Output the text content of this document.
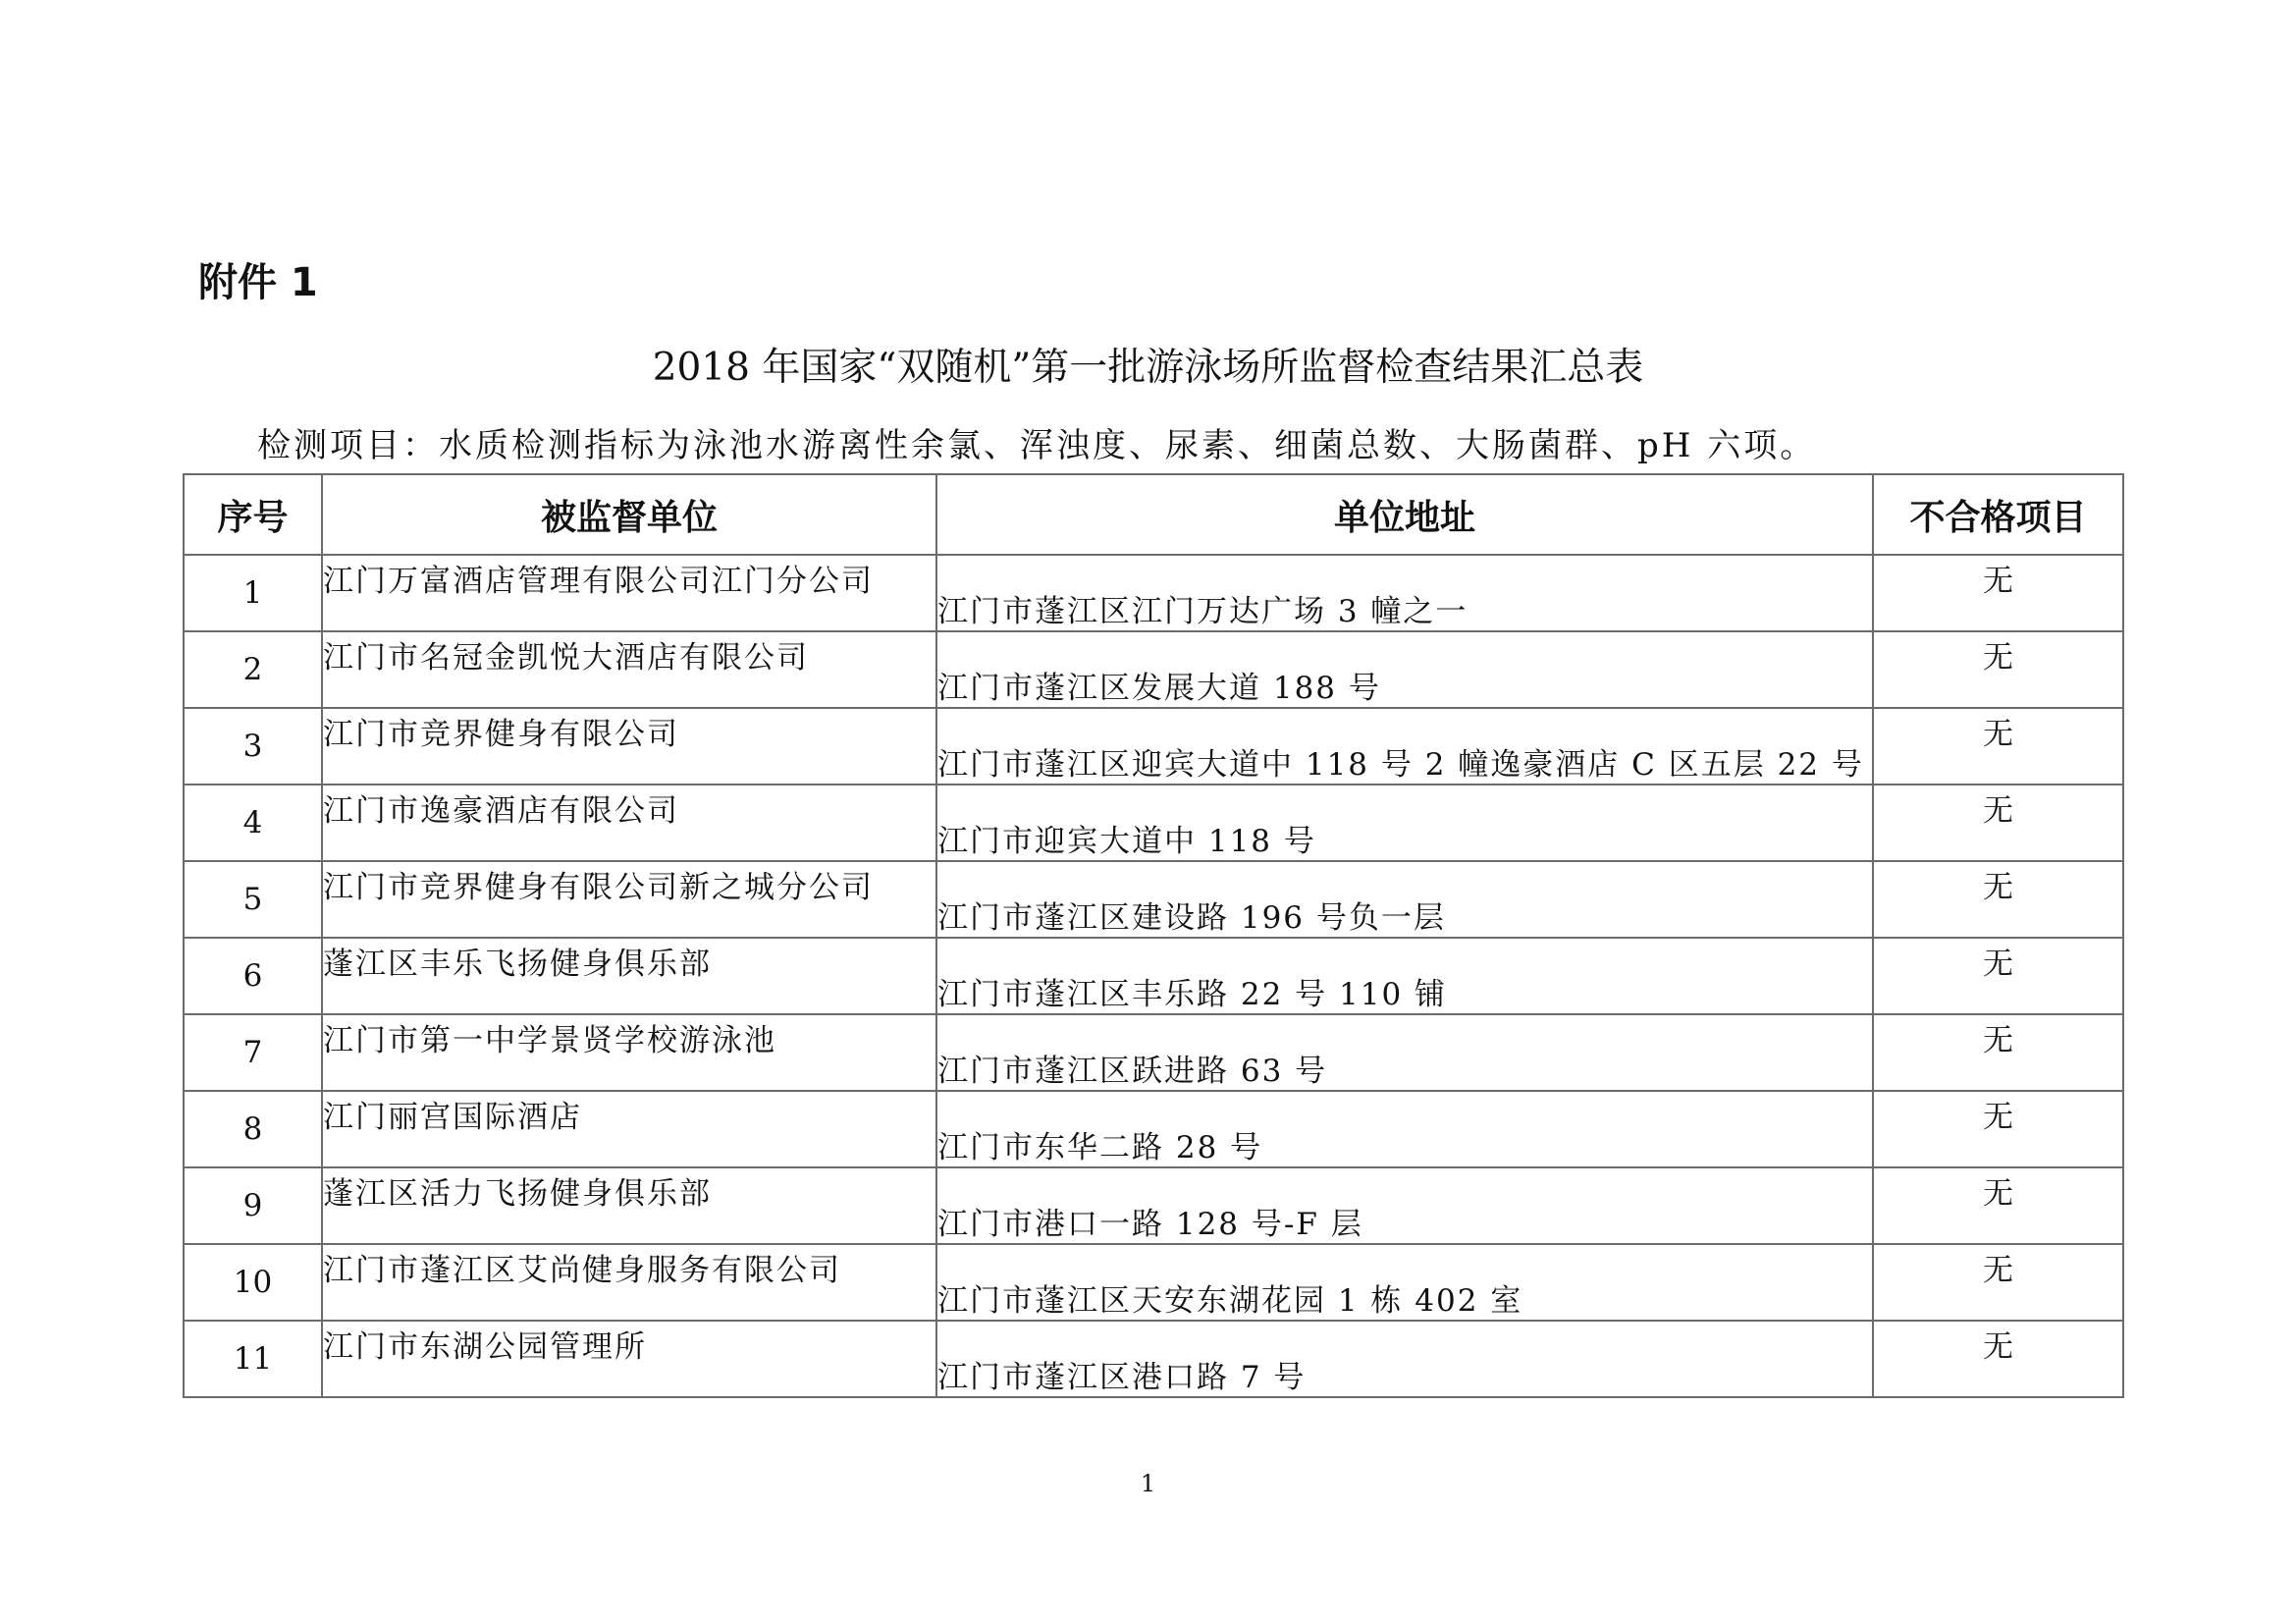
附件 1

2018 年国家“双随机”第一批游泳场所监督检查结果汇总表

检测项目：水质检测指标为泳池水游离性余氯、浑浊度、尿素、细菌总数、大肠菌群、pH 六项。

序号	被监督单位	单位地址	不合格项目
1	江门万富酒店管理有限公司江门分公司	江门市蓬江区江门万达广场 3 幢之一	无
2	江门市名冠金凯悦大酒店有限公司	江门市蓬江区发展大道 188 号	无
3	江门市竞界健身有限公司	江门市蓬江区迎宾大道中 118 号 2 幢逸豪酒店 C 区五层 22 号	无
4	江门市逸豪酒店有限公司	江门市迎宾大道中 118 号	无
5	江门市竞界健身有限公司新之城分公司	江门市蓬江区建设路 196 号负一层	无
6	蓬江区丰乐飞扬健身俱乐部	江门市蓬江区丰乐路 22 号 110 铺	无
7	江门市第一中学景贤学校游泳池	江门市蓬江区跃进路 63 号	无
8	江门丽宫国际酒店	江门市东华二路 28 号	无
9	蓬江区活力飞扬健身俱乐部	江门市港口一路 128 号-F 层	无
10	江门市蓬江区艾尚健身服务有限公司	江门市蓬江区天安东湖花园 1 栋 402 室	无
11	江门市东湖公园管理所	江门市蓬江区港口路 7 号	无

1
